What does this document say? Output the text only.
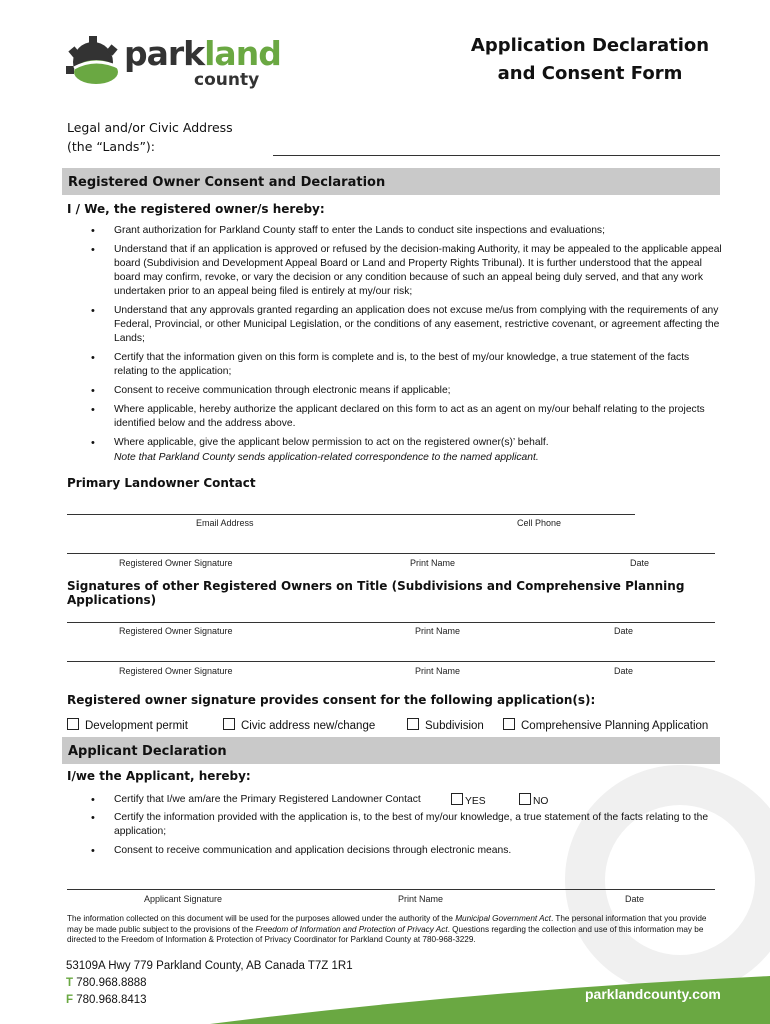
parkland
county
Application Declaration
and Consent Form
Legal and/or Civic Address
(the “Lands”):
Registered Owner Consent and Declaration
I / We, the registered owner/s hereby:
• Grant authorization for Parkland County staff to enter the Lands to conduct site inspections and evaluations;
• Understand that if an application is approved or refused by the decision-making Authority, it may be appealed to the applicable appeal board (Subdivision and Development Appeal Board or Land and Property Rights Tribunal). It is further understood that the appeal board may confirm, revoke, or vary the decision or any condition because of such an appeal being duly served, and that any work undertaken prior to an appeal being filed is entirely at my/our risk;
• Understand that any approvals granted regarding an application does not excuse me/us from complying with the requirements of any Federal, Provincial, or other Municipal Legislation, or the conditions of any easement, restrictive covenant, or agreement affecting the Lands;
• Certify that the information given on this form is complete and is, to the best of my/our knowledge, a true statement of the facts relating to the application;
• Consent to receive communication through electronic means if applicable;
• Where applicable, hereby authorize the applicant declared on this form to act as an agent on my/our behalf relating to the projects identified below and the address above.
• Where applicable, give the applicant below permission to act on the registered owner(s)’ behalf.
Note that Parkland County sends application-related correspondence to the named applicant.
Primary Landowner Contact
Email Address	Cell Phone
Registered Owner Signature	Print Name	Date
Signatures of other Registered Owners on Title (Subdivisions and Comprehensive Planning Applications)
Registered Owner Signature	Print Name	Date
Registered Owner Signature	Print Name	Date
Registered owner signature provides consent for the following application(s):
Development permit	Civic address new/change	Subdivision	Comprehensive Planning Application
Applicant Declaration
I/we the Applicant, hereby:
• Certify that I/we am/are the Primary Registered Landowner Contact	YES	NO
• Certify the information provided with the application is, to the best of my/our knowledge, a true statement of the facts relating to the application;
• Consent to receive communication and application decisions through electronic means.
Applicant Signature	Print Name	Date
The information collected on this document will be used for the purposes allowed under the authority of the Municipal Government Act. The personal information that you provide may be made public subject to the provisions of the Freedom of Information and Protection of Privacy Act. Questions regarding the collection and use of this information may be directed to the Freedom of Information & Protection of Privacy Coordinator for Parkland County at 780-968-3229.
53109A Hwy 779 Parkland County, AB Canada T7Z 1R1
T 780.968.8888
F 780.968.8413	parklandcounty.com
